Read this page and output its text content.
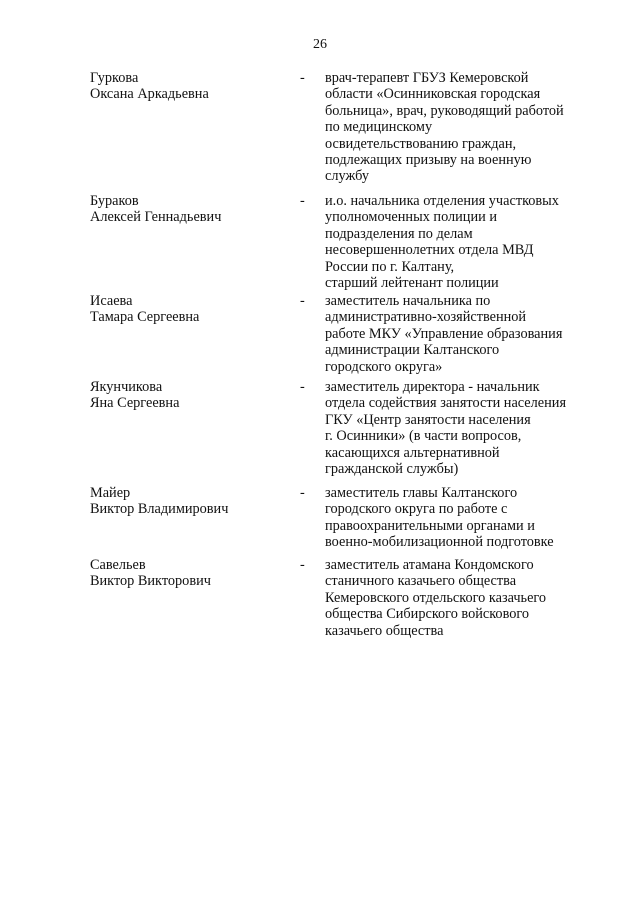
26
Гуркова
Оксана Аркадьевна
- врач-терапевт ГБУЗ Кемеровской
области «Осинниковская городская
больница», врач, руководящий работой
по медицинскому
освидетельствованию граждан,
подлежащих призыву на военную
службу
Бураков
Алексей Геннадьевич
- и.о. начальника отделения участковых
уполномоченных полиции и
подразделения по делам
несовершеннолетних отдела МВД
России по г. Калтану,
старший лейтенант полиции
Исаева
Тамара Сергеевна
- заместитель начальника по
административно-хозяйственной
работе МКУ «Управление образования
администрации Калтанского
городского округа»
Якунчикова
Яна Сергеевна
- заместитель директора - начальник
отдела содействия занятости населения
ГКУ «Центр занятости населения
г. Осинники» (в части вопросов,
касающихся альтернативной
гражданской службы)
Майер
Виктор Владимирович
- заместитель главы Калтанского
городского округа по работе с
правоохранительными органами и
военно-мобилизационной подготовке
Савельев
Виктор Викторович
- заместитель атамана Кондомского
станичного казачьего общества
Кемеровского отдельского казачьего
общества Сибирского войскового
казачьего общества
